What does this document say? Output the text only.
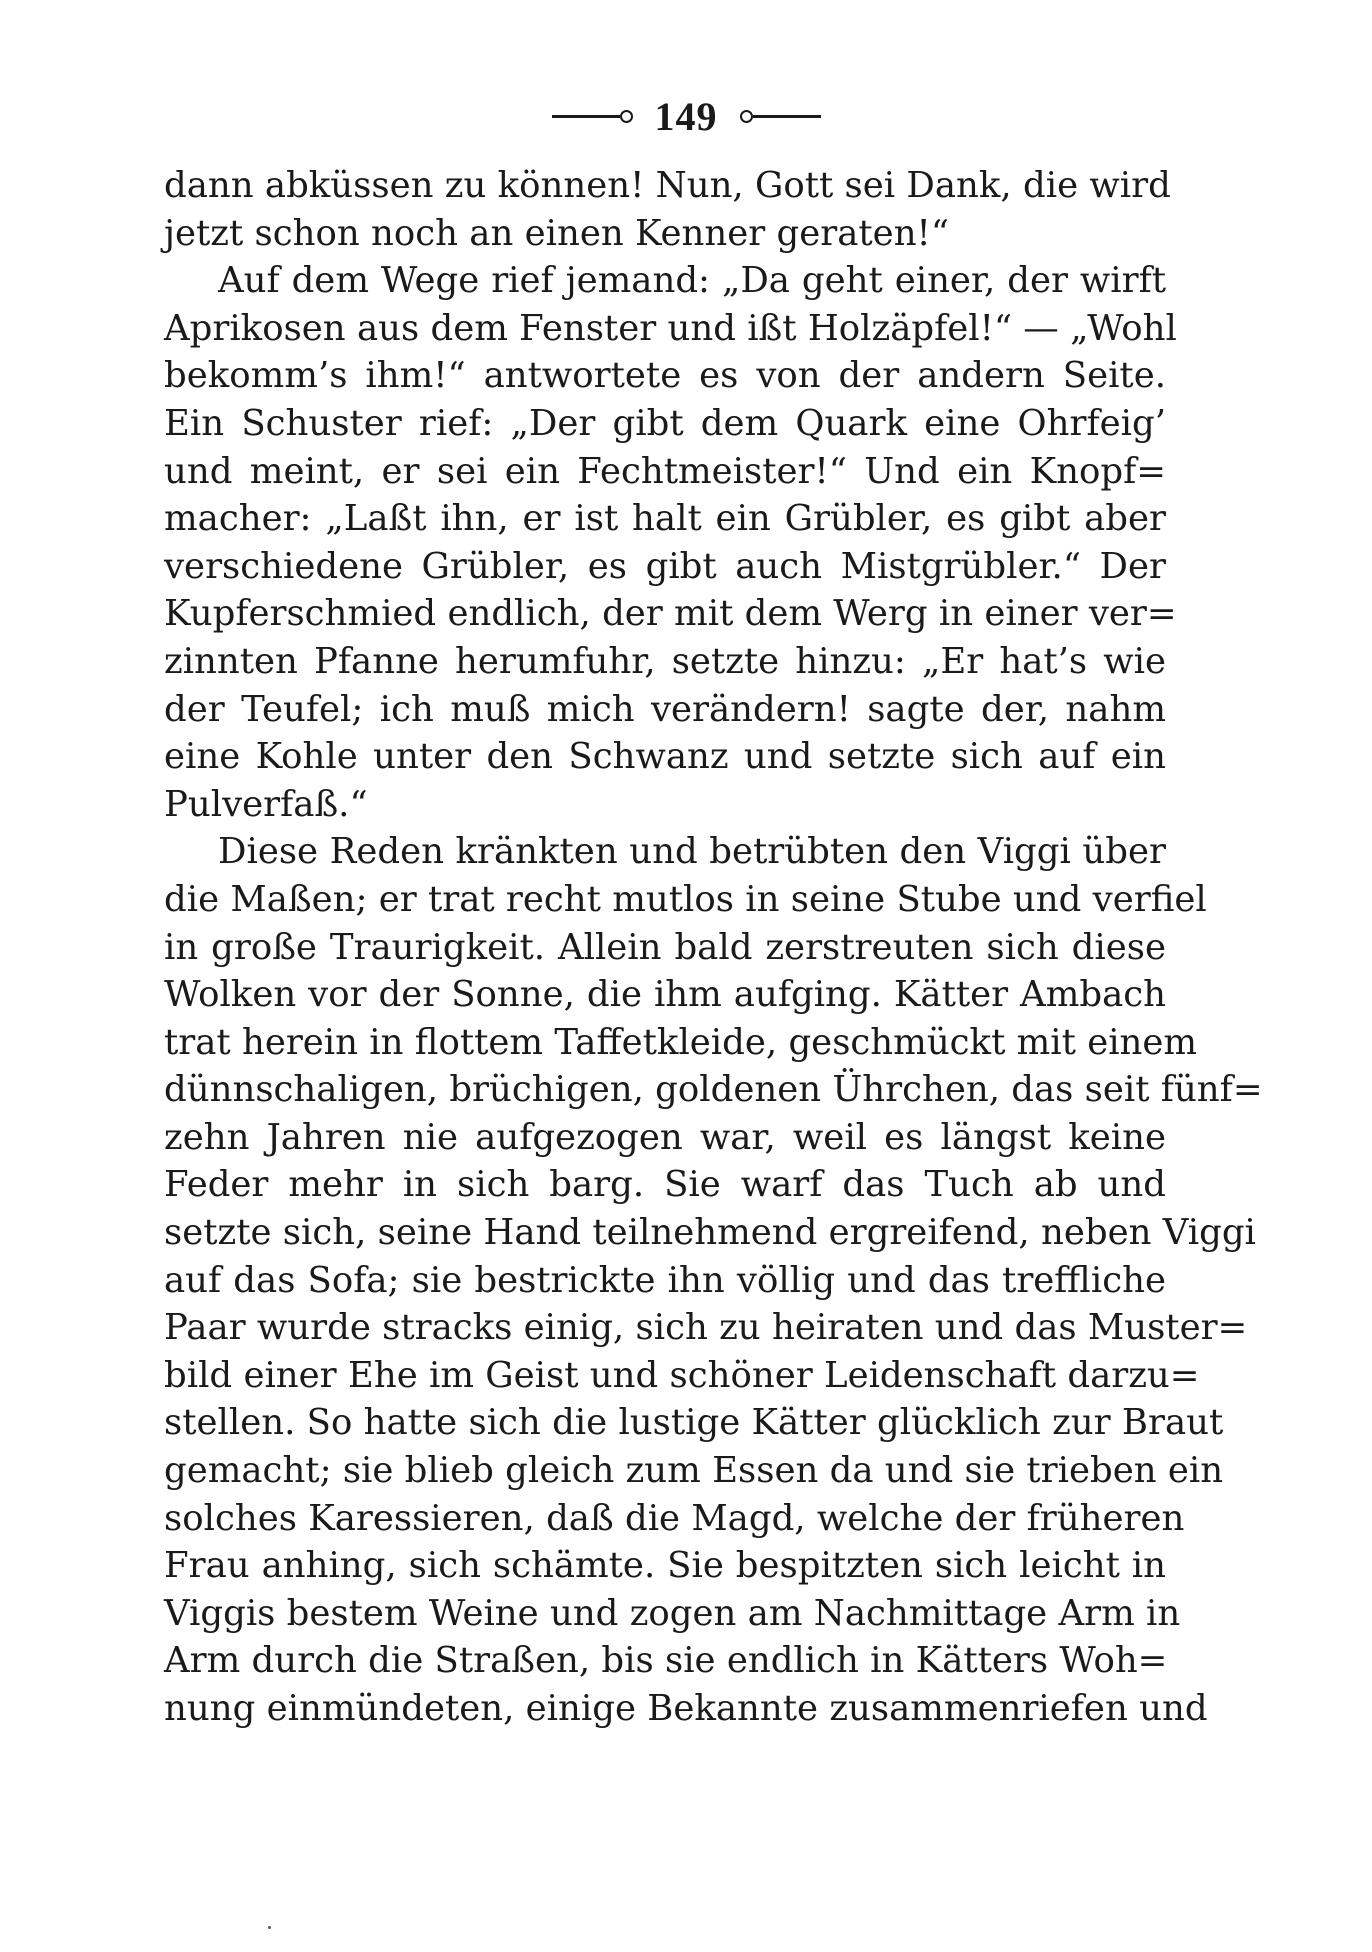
149
dann abküssen zu können! Nun, Gott sei Dank, die wird
jetzt schon noch an einen Kenner geraten!“
Auf dem Wege rief jemand: „Da geht einer, der wirft
Aprikosen aus dem Fenster und ißt Holzäpfel!“ — „Wohl
bekomm’s ihm!“ antwortete es von der andern Seite.
Ein Schuster rief: „Der gibt dem Quark eine Ohrfeig’
und meint, er sei ein Fechtmeister!“ Und ein Knopf=
macher: „Laßt ihn, er ist halt ein Grübler, es gibt aber
verschiedene Grübler, es gibt auch Mistgrübler.“ Der
Kupferschmied endlich, der mit dem Werg in einer ver=
zinnten Pfanne herumfuhr, setzte hinzu: „Er hat’s wie
der Teufel; ich muß mich verändern! sagte der, nahm
eine Kohle unter den Schwanz und setzte sich auf ein
Pulverfaß.“
Diese Reden kränkten und betrübten den Viggi über
die Maßen; er trat recht mutlos in seine Stube und verfiel
in große Traurigkeit. Allein bald zerstreuten sich diese
Wolken vor der Sonne, die ihm aufging. Kätter Ambach
trat herein in flottem Taffetkleide, geschmückt mit einem
dünnschaligen, brüchigen, goldenen Ührchen, das seit fünf=
zehn Jahren nie aufgezogen war, weil es längst keine
Feder mehr in sich barg. Sie warf das Tuch ab und
setzte sich, seine Hand teilnehmend ergreifend, neben Viggi
auf das Sofa; sie bestrickte ihn völlig und das treffliche
Paar wurde stracks einig, sich zu heiraten und das Muster=
bild einer Ehe im Geist und schöner Leidenschaft darzu=
stellen. So hatte sich die lustige Kätter glücklich zur Braut
gemacht; sie blieb gleich zum Essen da und sie trieben ein
solches Karessieren, daß die Magd, welche der früheren
Frau anhing, sich schämte. Sie bespitzten sich leicht in
Viggis bestem Weine und zogen am Nachmittage Arm in
Arm durch die Straßen, bis sie endlich in Kätters Woh=
nung einmündeten, einige Bekannte zusammenriefen und
